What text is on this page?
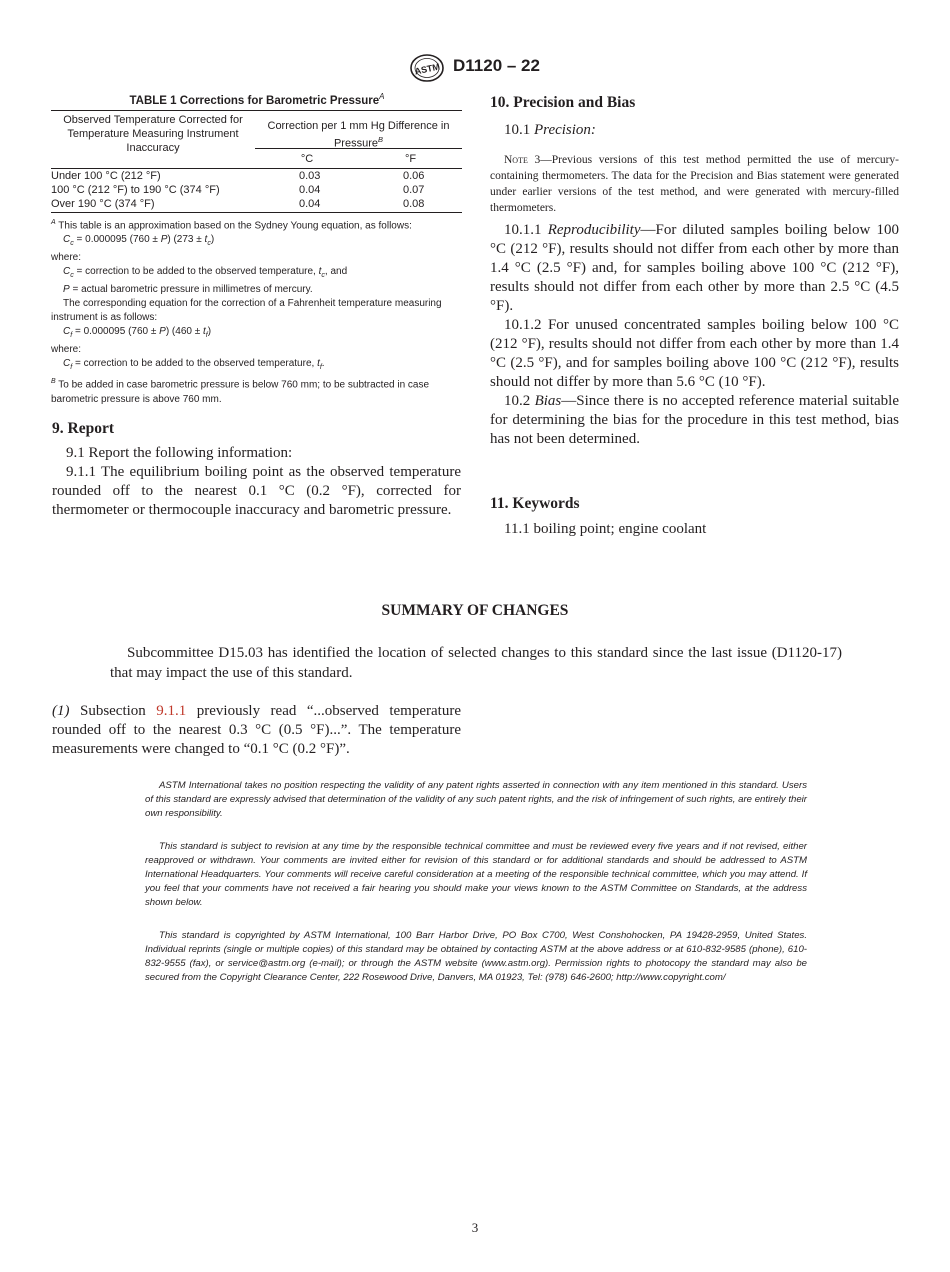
ASTM D1120 – 22
TABLE 1 Corrections for Barometric Pressure$^A$
Observed Temperature Corrected for Temperature Measuring Instrument Inaccuracy
Correction per 1 mm Hg Difference in Pressure$^B$
°C	°F
Under 100 °C (212 °F)	0.03	0.06
100 °C (212 °F) to 190 °C (374 °F)	0.04	0.07
Over 190 °C (374 °F)	0.04	0.08

$^A$ This table is an approximation based on the Sydney Young equation, as follows:

$C_c = 0.000095$ (760 ± P) $(273 \pm t_c)$

where:

$C_c$ = correction to be added to the observed temperature, $t_c$, and

P = actual barometric pressure in millimetres of mercury.

The corresponding equation for the correction of a Fahrenheit temperature measuring instrument is as follows:

$C_f = 0.000095$ (760 ± P) $(460 \pm t_f)$

where:

$C_f$ = correction to be added to the observed temperature, $t_f$.

$^B$ To be added in case barometric pressure is below 760 mm; to be subtracted in case barometric pressure is above 760 mm.

9. Report

9.1 Report the following information:

9.1.1 The equilibrium boiling point as the observed temperature rounded off to the nearest 0.1 °C (0.2 °F), corrected for thermometer or thermocouple inaccuracy and barometric pressure.

10. Precision and Bias

10.1 Precision:

Note 3—Previous versions of this test method permitted the use of mercury-containing thermometers. The data for the Precision and Bias statement were generated under earlier versions of the test method, and were generated with mercury-filled thermometers.

10.1.1 Reproducibility—For diluted samples boiling below 100 °C (212 °F), results should not differ from each other by more than 1.4 °C (2.5 °F) and, for samples boiling above 100 °C (212 °F), results should not differ from each other by more than 2.5 °C (4.5 °F).

10.1.2 For unused concentrated samples boiling below 100 °C (212 °F), results should not differ from each other by more than 1.4 °C (2.5 °F), and for samples boiling above 100 °C (212 °F), results should not differ by more than 5.6 °C (10 °F).

10.2 Bias—Since there is no accepted reference material suitable for determining the bias for the procedure in this test method, bias has not been determined.

11. Keywords

11.1 boiling point; engine coolant

SUMMARY OF CHANGES

Subcommittee D15.03 has identified the location of selected changes to this standard since the last issue (D1120-17) that may impact the use of this standard.

(1) Subsection 9.1.1 previously read “...observed temperature rounded off to the nearest 0.3 °C (0.5 °F)...”. The temperature measurements were changed to “0.1 °C (0.2 °F)”.

ASTM International takes no position respecting the validity of any patent rights asserted in connection with any item mentioned in this standard. Users of this standard are expressly advised that determination of the validity of any such patent rights, and the risk of infringement of such rights, are entirely their own responsibility.

This standard is subject to revision at any time by the responsible technical committee and must be reviewed every five years and if not revised, either reapproved or withdrawn. Your comments are invited either for revision of this standard or for additional standards and should be addressed to ASTM International Headquarters. Your comments will receive careful consideration at a meeting of the responsible technical committee, which you may attend. If you feel that your comments have not received a fair hearing you should make your views known to the ASTM Committee on Standards, at the address shown below.

This standard is copyrighted by ASTM International, 100 Barr Harbor Drive, PO Box C700, West Conshohocken, PA 19428-2959, United States. Individual reprints (single or multiple copies) of this standard may be obtained by contacting ASTM at the above address or at 610-832-9585 (phone), 610-832-9555 (fax), or service@astm.org (e-mail); or through the ASTM website (www.astm.org). Permission rights to photocopy the standard may also be secured from the Copyright Clearance Center, 222 Rosewood Drive, Danvers, MA 01923, Tel: (978) 646-2600; http://www.copyright.com/

3
